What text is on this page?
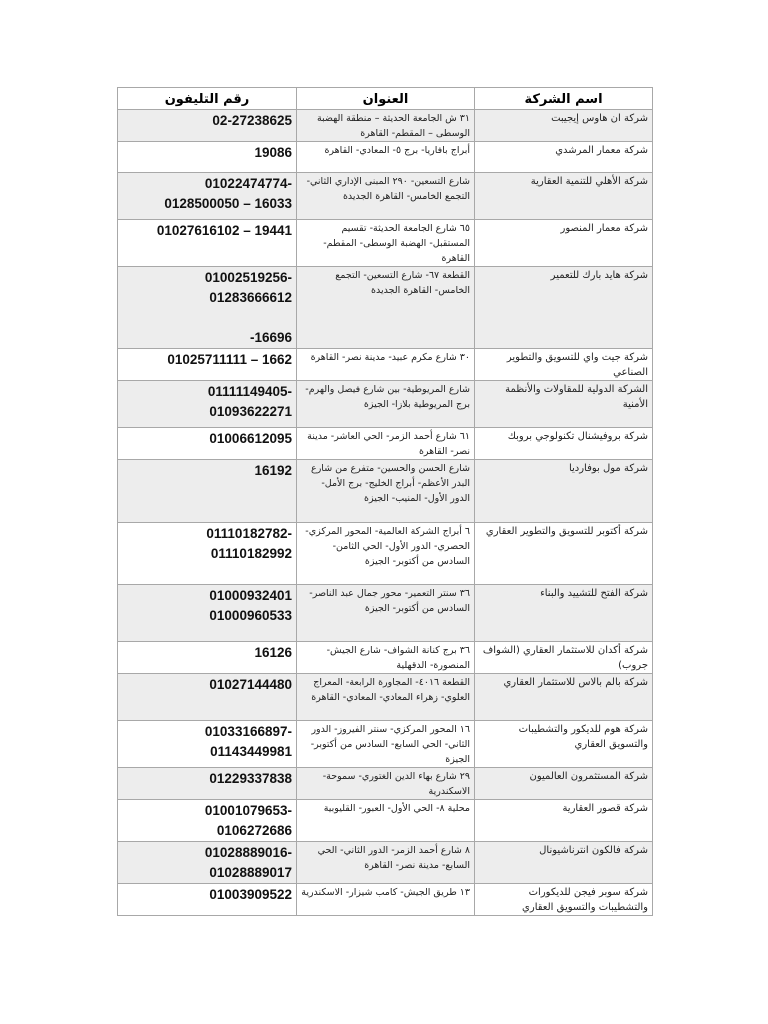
اسم الشركة	العنوان	رقم التليفون
شركة ان هاوس إيجيبت	٣١ ش الجامعة الحديثة – منطقة الهضبة الوسطى – المقطم- القاهرة	02-27238625
شركة معمار المرشدي	أبراج بافاريا- برج ٥- المعادي- القاهرة	19086
شركة الأهلي للتنمية العقارية	شارع التسعين- ٢٩٠ المبنى الإداري الثاني- التجمع الخامس- القاهرة الجديدة	01022474774-
0128500050 – 16033
شركة معمار المنصور	٦٥ شارع الجامعة الحديثة- تقسيم المستقبل- الهضبة الوسطى- المقطم- القاهرة	01027616102 – 19441
شركة هايد بارك للتعمير	القطعة ٦٧- شارع التسعين- التجمع الخامس- القاهرة الجديدة	01002519256-
01283666612

-16696
شركة جيت واي للتسويق والتطوير الصناعي	٣٠ شارع مكرم عبيد- مدينة نصر- القاهرة	01025711111 – 1662
الشركة الدولية للمقاولات والأنظمة الأمنية	شارع المريوطية- بين شارع فيصل والهرم- برج المريوطية بلازا- الجيزة	01111149405-
01093622271
شركة بروفيشنال تكنولوجي بروبك	٦١ شارع أحمد الزمر- الحي العاشر- مدينة نصر- القاهرة	01006612095
شركة مول بوفارديا	شارع الحسن والحسين- متفرع من شارع البدر الأعظم- أبراج الخليج- برج الأمل- الدور الأول- المنيب- الجيزة	16192
شركة أكتوبر للتسويق والتطوير العقاري	٦ أبراج الشركة العالمية- المحور المركزي- الحصري- الدور الأول- الحي الثامن- السادس من أكتوبر- الجيزة	01110182782-
01110182992
شركة الفتح للتشييد والبناء	٣٦ سنتر التعمير- محور جمال عبد الناصر- السادس من أكتوبر- الجيزة	01000932401
01000960533
شركة أكدان للاستثمار العقاري (الشواف جروب)	٣٦ برج كنانة الشواف- شارع الجيش- المنصورة- الدقهلية	16126
شركة بالم بالاس للاستثمار العقاري	القطعة ٤٠١٦- المجاورة الرابعة- المعراج العلوي- زهراء المعادي- المعادي- القاهرة	01027144480
شركة هوم للديكور والتشطيبات والتسويق العقاري	١٦ المحور المركزي- سنتر الفيروز- الدور الثاني- الحي السابع- السادس من أكتوبر- الجيزة	01033166897-
01143449981
شركة المستثمرون العالميون	٢٩ شارع بهاء الدين الغتوري- سموحة- الاسكندرية	01229337838
شركة قصور العقارية	محلية ٨- الحي الأول- العبور- القليوبية	01001079653-
0106272686
شركة فالكون انترناشيونال	٨ شارع أحمد الزمر- الدور الثاني- الحي السابع- مدينة نصر- القاهرة	01028889016-
01028889017
شركة سوبر فيجن للديكورات والتشطيبات والتسويق العقاري	١٣ طريق الجيش- كامب شيزار- الاسكندرية	01003909522
